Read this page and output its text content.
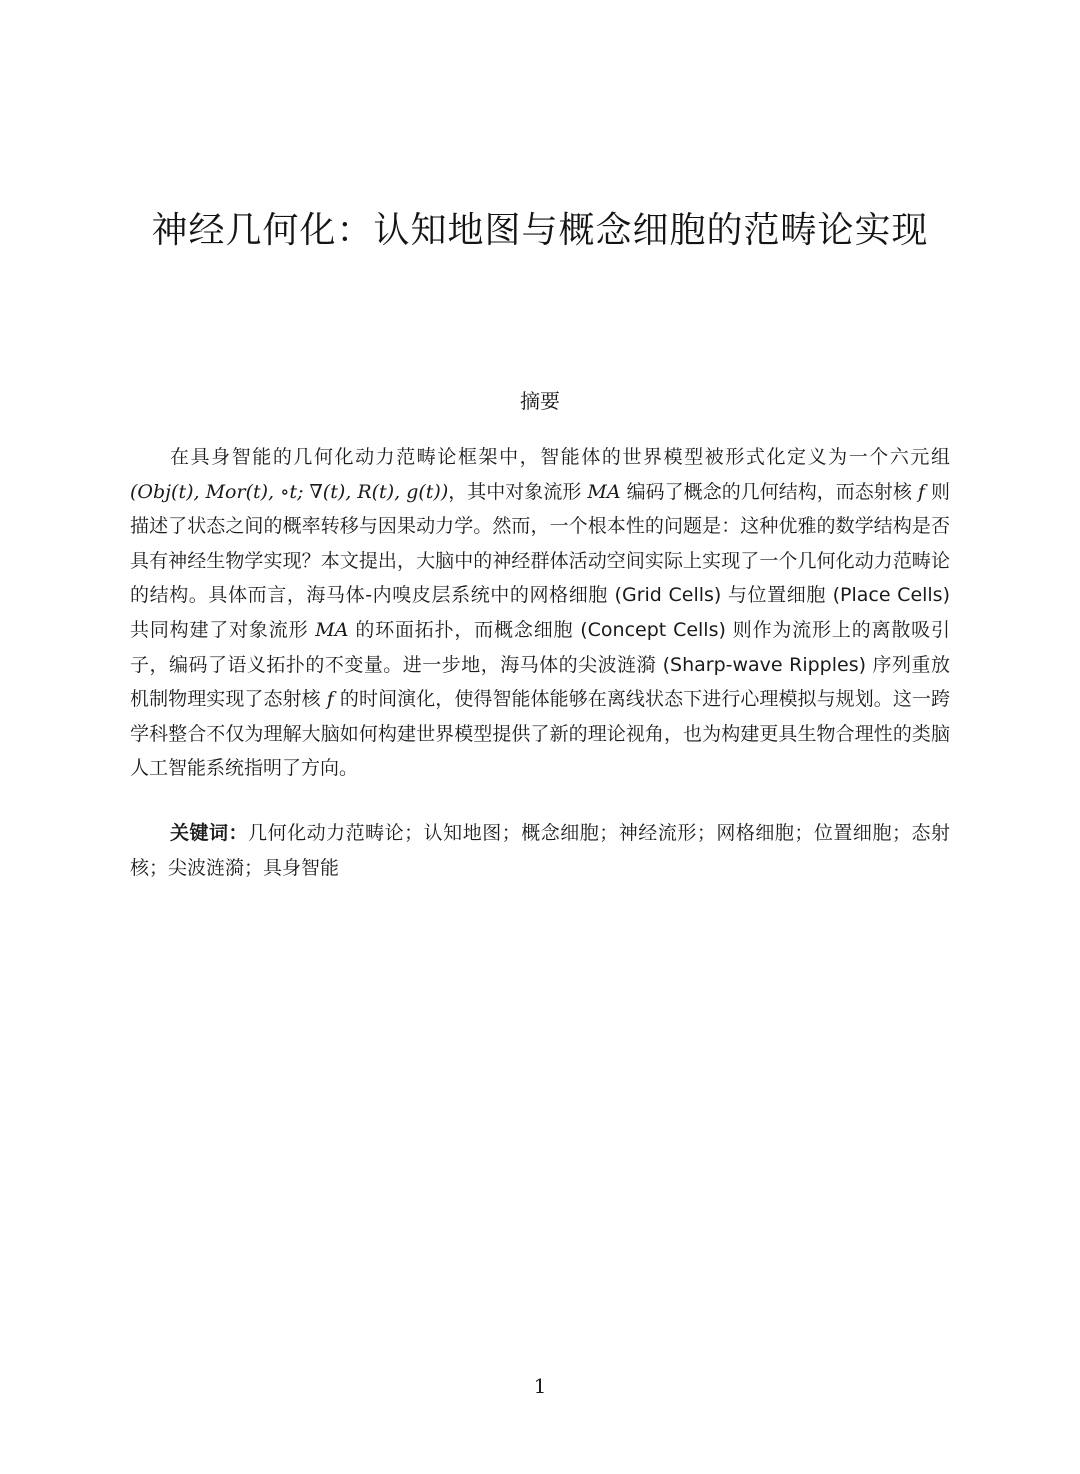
神经几何化：认知地图与概念细胞的范畴论实现
摘要

在具身智能的几何化动力范畴论框架中，智能体的世界模型被形式化定义为一个六元组 (Obj(t), Mor(t), ∘t; ∇(t), R(t), g(t))，其中对象流形 MA 编码了概念的几何结构，而态射核 f 则描述了状态之间的概率转移与因果动力学。然而，一个根本性的问题是：这种优雅的数学结构是否具有神经生物学实现？本文提出，大脑中的神经群体活动空间实际上实现了一个几何化动力范畴论的结构。具体而言，海马体-内嗅皮层系统中的网格细胞 (Grid Cells) 与位置细胞 (Place Cells) 共同构建了对象流形 MA 的环面拓扑，而概念细胞 (Concept Cells) 则作为流形上的离散吸引子，编码了语义拓扑的不变量。进一步地，海马体的尖波涟漪 (Sharp-wave Ripples) 序列重放机制物理实现了态射核 f 的时间演化，使得智能体能够在离线状态下进行心理模拟与规划。这一跨学科整合不仅为理解大脑如何构建世界模型提供了新的理论视角，也为构建更具生物合理性的类脑人工智能系统指明了方向。

关键词：几何化动力范畴论；认知地图；概念细胞；神经流形；网格细胞；位置细胞；态射核；尖波涟漪；具身智能

1
